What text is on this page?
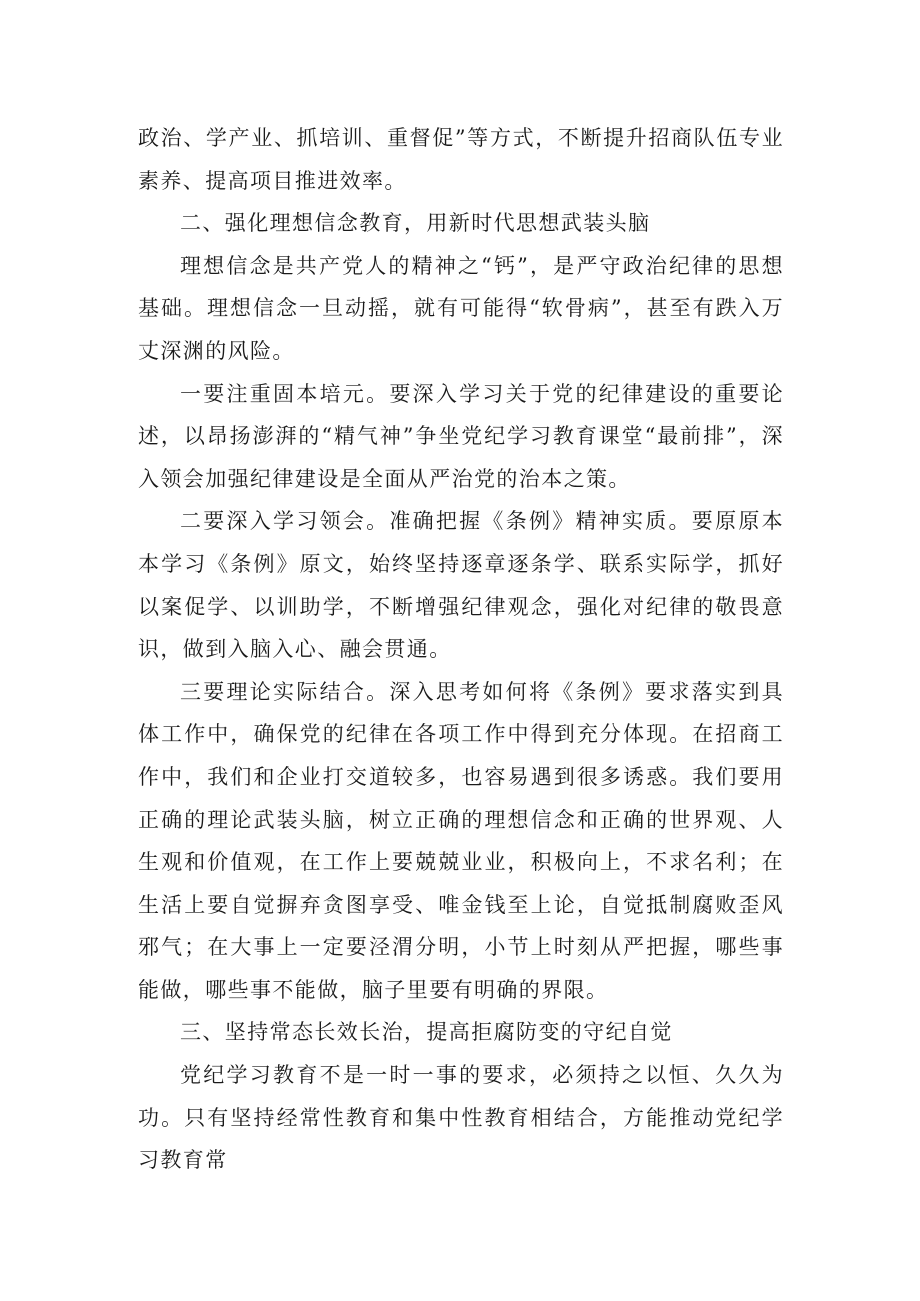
政治、学产业、抓培训、重督促”等方式，不断提升招商队伍专业素养、提高项目推进效率。

二、强化理想信念教育，用新时代思想武装头脑

理想信念是共产党人的精神之“钙”，是严守政治纪律的思想基础。理想信念一旦动摇，就有可能得“软骨病”，甚至有跌入万丈深渊的风险。

一要注重固本培元。要深入学习关于党的纪律建设的重要论述，以昂扬澎湃的“精气神”争坐党纪学习教育课堂“最前排”，深入领会加强纪律建设是全面从严治党的治本之策。

二要深入学习领会。准确把握《条例》精神实质。要原原本本学习《条例》原文，始终坚持逐章逐条学、联系实际学，抓好以案促学、以训助学，不断增强纪律观念，强化对纪律的敬畏意识，做到入脑入心、融会贯通。

三要理论实际结合。深入思考如何将《条例》要求落实到具体工作中，确保党的纪律在各项工作中得到充分体现。在招商工作中，我们和企业打交道较多，也容易遇到很多诱惑。我们要用正确的理论武装头脑，树立正确的理想信念和正确的世界观、人生观和价值观，在工作上要兢兢业业，积极向上，不求名利；在生活上要自觉摒弃贪图享受、唯金钱至上论，自觉抵制腐败歪风邪气；在大事上一定要泾渭分明，小节上时刻从严把握，哪些事能做，哪些事不能做，脑子里要有明确的界限。

三、坚持常态长效长治，提高拒腐防变的守纪自觉

党纪学习教育不是一时一事的要求，必须持之以恒、久久为功。只有坚持经常性教育和集中性教育相结合，方能推动党纪学习教育常
